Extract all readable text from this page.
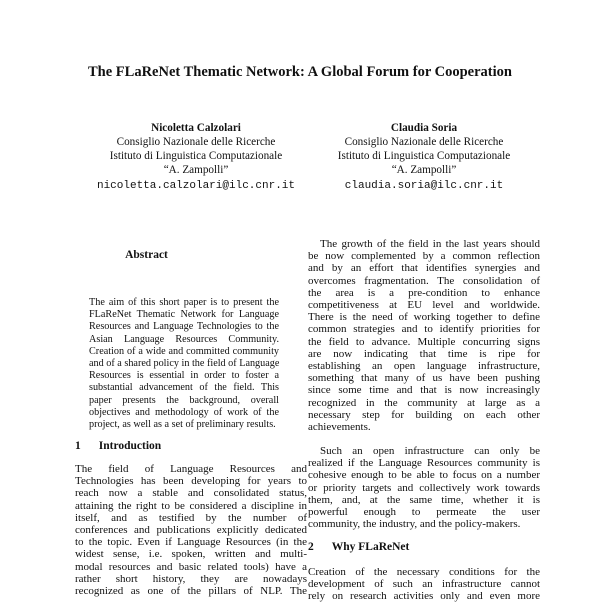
The FLaReNet Thematic Network: A Global Forum for Cooperation
Nicoletta Calzolari
Consiglio Nazionale delle Ricerche
Istituto di Linguistica Computazionale
“A. Zampolli”
nicoletta.calzolari@ilc.cnr.it
Claudia Soria
Consiglio Nazionale delle Ricerche
Istituto di Linguistica Computazionale
“A. Zampolli”
claudia.soria@ilc.cnr.it
Abstract
The aim of this short paper is to present the
FLaReNet Thematic Network for Language
Resources and Language Technologies to the
Asian Language Resources Community.
Creation of a wide and committed community
and of a shared policy in the field of Language
Resources is essential in order to foster a
substantial advancement of the field. This
paper presents the background, overall
objectives and methodology of work of the
project, as well as a set of preliminary results.
1 Introduction
The field of Language Resources and
Technologies has been developing for years to
reach now a stable and consolidated status,
attaining the right to be considered a discipline in
itself, and as testified by the number of
conferences and publications explicitly dedicated
to the topic. Even if Language Resources (in the
widest sense, i.e. spoken, written and multi-
modal resources and basic related tools) have a
rather short history, they are nowadays
recognized as one of the pillars of NLP. The
The growth of the field in the last years should
be now complemented by a common reflection
and by an effort that identifies synergies and
overcomes fragmentation. The consolidation of
the area is a pre-condition to enhance
competitiveness at EU level and worldwide.
There is the need of working together to define
common strategies and to identify priorities for
the field to advance. Multiple concurring signs
are now indicating that time is ripe for
establishing an open language infrastructure,
something that many of us have been pushing
since some time and that is now increasingly
recognized in the community at large as a
necessary step for building on each other
achievements.
Such an open infrastructure can only be
realized if the Language Resources community is
cohesive enough to be able to focus on a number
or priority targets and collectively work towards
them, and, at the same time, whether it is
powerful enough to permeate the user
community, the industry, and the policy-makers.
2 Why FLaReNet
Creation of the necessary conditions for the
development of such an infrastructure cannot
rely on research activities only and even more
